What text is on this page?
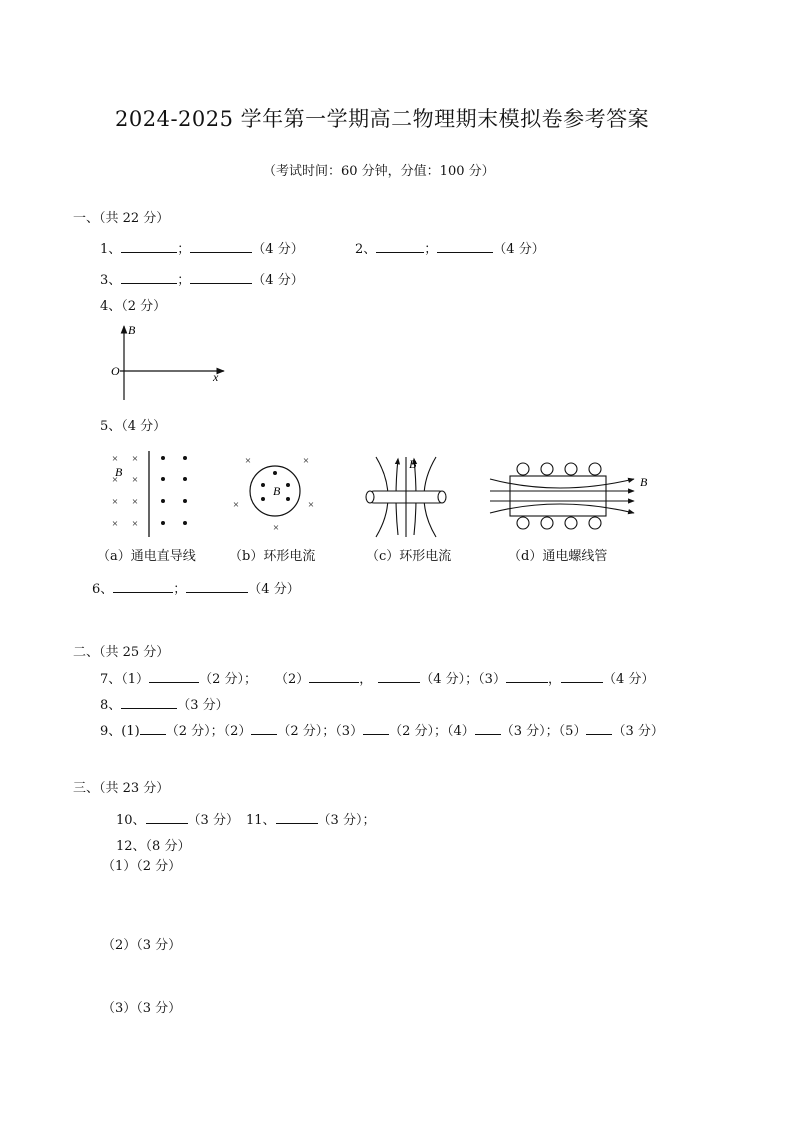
2024-2025 学年第一学期高二物理期末模拟卷参考答案
（考试时间：60 分钟，分值：100 分）
一、（共 22 分）
1、	；	（4 分）	2、	；	（4 分）
3、	；	（4 分）
4、（2 分）
B
O	x
5、（4 分）
× ×
× ×
× ×
× ×
B
×	×
×	×
×
B
B
B
（a）通电直导线	（b）环形电流	（c）环形电流	（d）通电螺线管
6、	；	（4 分）
二、（共 25 分）
7、（1）	（2 分）； （2）	，	（4 分）；（3）	，	（4 分）
8、	（3 分）
9、(1) （2 分）；（2） （2 分）；（3） （2 分）；（4） （3 分）；（5） （3 分）
三、（共 23 分）
10、	（3 分） 11、	（3 分）；
12、（8 分）
（1）（2 分）
（2）（3 分）
（3）（3 分）
